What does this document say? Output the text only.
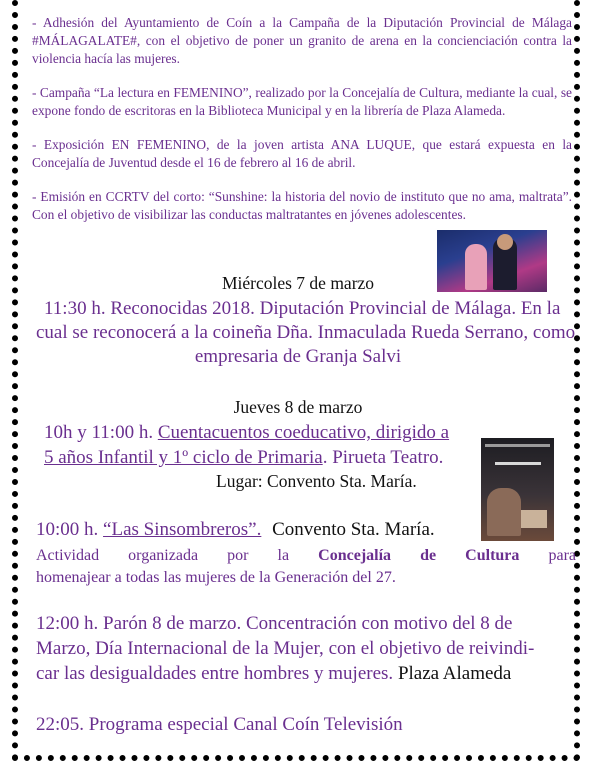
- Adhesión del Ayuntamiento de Coín a la Campaña de la Diputación Provincial de Málaga #MÁLAGALATE#, con el objetivo de poner un granito de arena en la concienciación contra la violencia hacía las mujeres.

- Campaña “La lectura en FEMENINO”, realizado por la Concejalía de Cultura, mediante la cual, se expone fondo de escritoras en la Biblioteca Municipal y en la librería de Plaza Alameda.

- Exposición EN FEMENINO, de la joven artista ANA LUQUE, que estará expuesta en la Concejalía de Juventud desde el 16 de febrero al 16 de abril.

- Emisión en CCRTV del corto: “Sunshine: la historia del novio de instituto que no ama, maltrata”. Con el objetivo de visibilizar las conductas maltratantes en jóvenes adolescentes.

Miércoles 7 de marzo

11:30 h. Reconocidas 2018. Diputación Provincial de Málaga. En la

cual se reconocerá a la coineña Dña. Inmaculada Rueda Serrano, como

empresaria de Granja Salvi

Jueves 8 de marzo

10h y 11:00 h. Cuentacuentos coeducativo, dirigido a

5 años Infantil y 1º ciclo de Primaria. Pirueta Teatro.

Lugar: Convento Sta. María.

10:00 h. “Las Sinsombreros”. Convento Sta. María.

Actividad organizada por la Concejalía de Cultura para

homenajear a todas las mujeres de la Generación del 27.

12:00 h. Parón 8 de marzo. Concentración con motivo del 8 de

Marzo, Día Internacional de la Mujer, con el objetivo de reivindi-

car las desigualdades entre hombres y mujeres. Plaza Alameda

22:05. Programa especial Canal Coín Televisión
